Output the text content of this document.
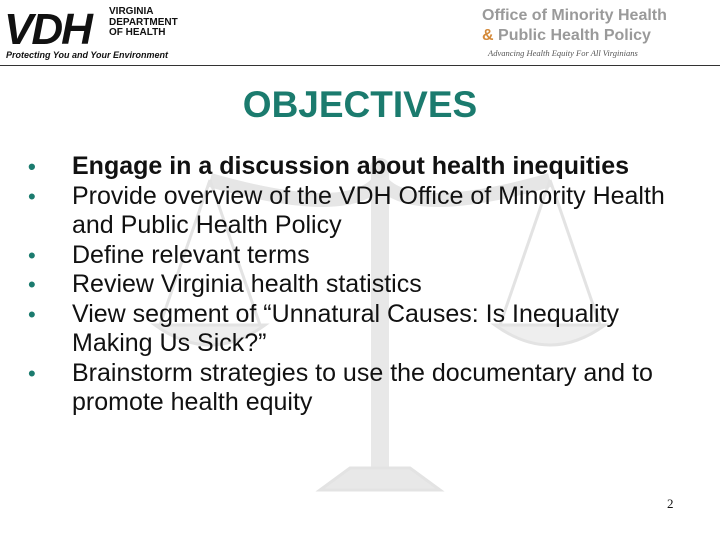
VDH VIRGINIA
DEPARTMENT
OF HEALTH
Protecting You and Your Environment
Office of Minority Health
& Public Health Policy
Advancing Health Equity For All Virginians
OBJECTIVES
• Engage in a discussion about health inequities
• Provide overview of the VDH Office of Minority Health and Public Health Policy
• Define relevant terms
• Review Virginia health statistics
• View segment of “Unnatural Causes: Is Inequality Making Us Sick?”
• Brainstorm strategies to use the documentary and to promote health equity
2
